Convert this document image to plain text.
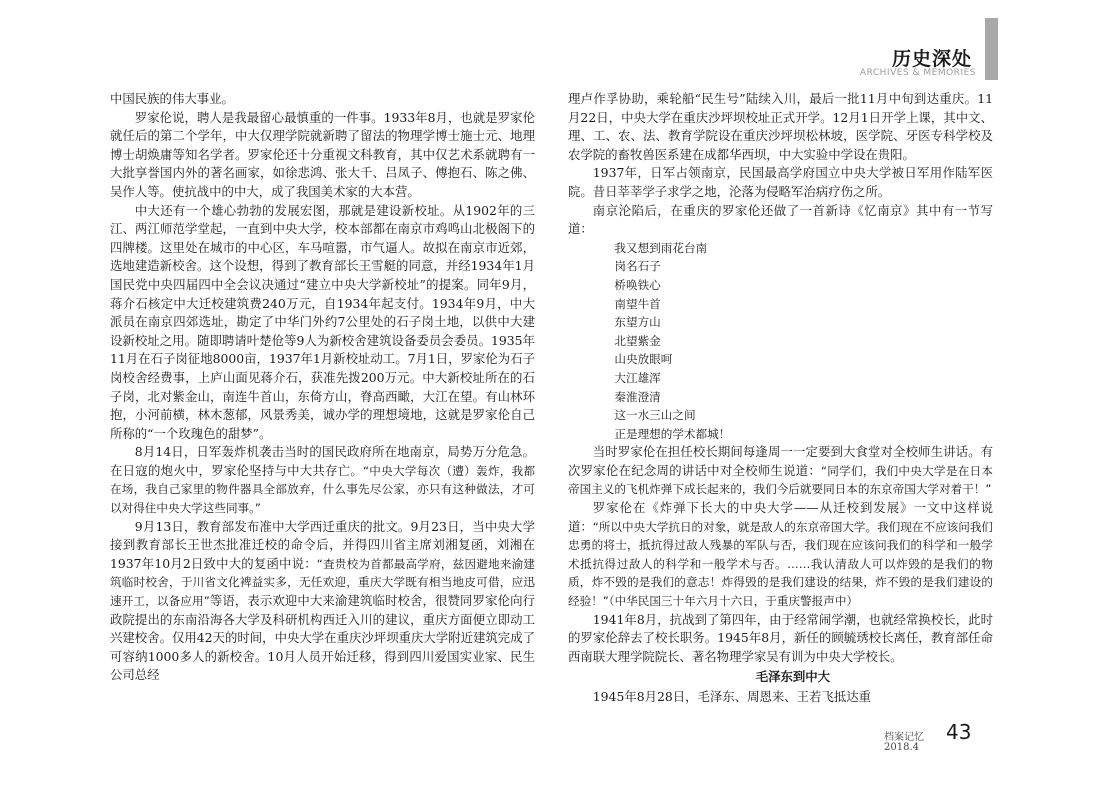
历史深处
ARCHIVES & MEMORIES

中国民族的伟大事业。

罗家伦说，聘人是我最留心最慎重的一件事。1933年8月，也就是罗家伦就任后的第二个学年，中大仅理学院就新聘了留法的物理学博士施士元、地理博士胡焕庸等知名学者。罗家伦还十分重视文科教育，其中仅艺术系就聘有一大批享誉国内外的著名画家，如徐悲鸿、张大千、吕凤子、傅抱石、陈之佛、吴作人等。使抗战中的中大，成了我国美术家的大本营。

中大还有一个雄心勃勃的发展宏图，那就是建设新校址。从1902年的三江、两江师范学堂起，一直到中央大学，校本部都在南京市鸡鸣山北极阁下的四牌楼。这里处在城市的中心区，车马喧嚣，市气逼人。故拟在南京市近郊，选地建造新校舍。这个设想，得到了教育部长王雪艇的同意，并经1934年1月国民党中央四届四中全会议决通过“建立中央大学新校址”的提案。同年9月，蒋介石核定中大迁校建筑费240万元，自1934年起支付。1934年9月，中大派员在南京四郊选址，勘定了中华门外约7公里处的石子岗土地，以供中大建设新校址之用。随即聘请叶楚伧等9人为新校舍建筑设备委员会委员。1935年11月在石子岗征地8000亩，1937年1月新校址动工。7月1日，罗家伦为石子岗校舍经费事，上庐山面见蒋介石，获准先拨200万元。中大新校址所在的石子岗，北对紫金山，南连牛首山，东倚方山，脊高西瞰，大江在望。有山林环抱，小河前横，林木葱郁，风景秀美，诚办学的理想境地，这就是罗家伦自己所称的“一个玫瑰色的甜梦”。

8月14日，日军轰炸机袭击当时的国民政府所在地南京，局势万分危急。在日寇的炮火中，罗家伦坚持与中大共存亡。“中央大学每次（遭）轰炸，我都在场，我自己家里的物件器具全部放弃，什么事先尽公家，亦只有这种做法，才可以对得住中央大学这些同事。”

9月13日，教育部发布准中大学西迁重庆的批文。9月23日，当中央大学接到教育部长王世杰批准迁校的命令后，并得四川省主席刘湘复函，刘湘在1937年10月2日致中大的复函中说：“査贵校为首都最高学府，兹因避地来渝建筑临时校舍，于川省文化裨益实多，无任欢迎，重庆大学既有相当地皮可借，应迅速开工，以备应用”等语，表示欢迎中大来渝建筑临时校舍，很赞同罗家伦向行政院提出的东南沿海各大学及科研机构西迁入川的建议，重庆方面便立即动工兴建校舍。仅用42天的时间，中央大学在重庆沙坪坝重庆大学附近建筑完成了可容纳1000多人的新校舍。10月人员开始迁移，得到四川爱国实业家、民生公司总经

理卢作孚协助，乘轮船“民生号”陆续入川，最后一批11月中旬到达重庆。11月22日，中央大学在重庆沙坪坝校址正式开学。12月1日开学上课，其中文、理、工、农、法、教育学院设在重庆沙坪坝松林坡，医学院、牙医专科学校及农学院的畜牧兽医系建在成都华西坝，中大实验中学设在贵阳。

1937年，日军占领南京，民国最高学府国立中央大学被日军用作陆军医院。昔日莘莘学子求学之地，沦落为侵略军治病疗伤之所。

南京沦陷后，在重庆的罗家伦还做了一首新诗《忆南京》其中有一节写道：

我又想到雨花台南

岗名石子

桥唤铁心

南望牛首

东望方山

北望紫金

山央放眼呵

大江雄浑

秦淮澄清

这一水三山之间

正是理想的学术都城！

当时罗家伦在担任校长期间每逢周一一定要到大食堂对全校师生讲话。有次罗家伦在纪念周的讲话中对全校师生说道：“同学们，我们中央大学是在日本帝国主义的飞机炸弹下成长起来的，我们今后就要同日本的东京帝国大学对着干！”

罗家伦在《炸弹下长大的中央大学——从迁校到发展》一文中这样说道：“所以中央大学抗日的对象，就是敌人的东京帝国大学。我们现在不应该问我们忠勇的将士，抵抗得过敌人残暴的军队与否，我们现在应该问我们的科学和一般学术抵抗得过敌人的科学和一般学术与否。……我认清敌人可以炸毁的是我们的物质，炸不毁的是我们的意志！炸得毁的是我们建设的结果，炸不毁的是我们建设的经验！”（中华民国三十年六月十六日，于重庆警报声中）

1941年8月，抗战到了第四年，由于经常闹学潮，也就经常换校长，此时的罗家伦辞去了校长职务。1945年8月，新任的顾毓琇校长离任，教育部任命西南联大理学院院长、著名物理学家吴有训为中央大学校长。

毛泽东到中大

1945年8月28日，毛泽东、周恩来、王若飞抵达重

档案记忆 43
2018.4
